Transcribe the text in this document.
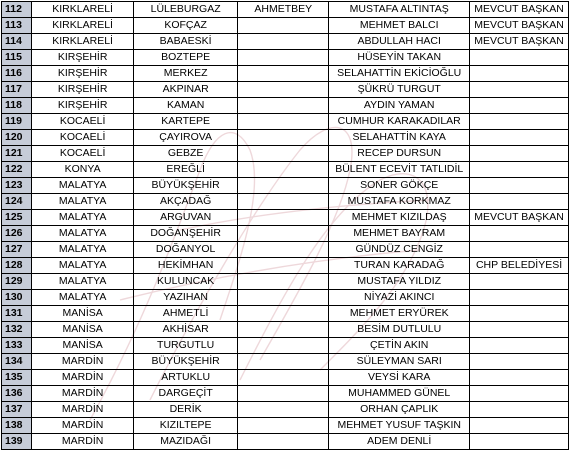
112	KIRKLARELİ	LÜLEBURGAZ	AHMETBEY	MUSTAFA ALTINTAŞ	MEVCUT BAŞKAN
113	KIRKLARELİ	KOFÇAZ		MEHMET BALCI	MEVCUT BAŞKAN
114	KIRKLARELİ	BABAESKİ		ABDULLAH HACI	MEVCUT BAŞKAN
115	KIRŞEHİR	BOZTEPE		HÜSEYİN TAKAN	
116	KIRŞEHİR	MERKEZ		SELAHATTİN EKİCİOĞLU	
117	KIRŞEHİR	AKPINAR		ŞÜKRÜ TURGUT	
118	KIRŞEHİR	KAMAN		AYDIN YAMAN	
119	KOCAELİ	KARTEPE		CUMHUR KARAKADILAR	
120	KOCAELİ	ÇAYIROVA		SELAHATTİN KAYA	
121	KOCAELİ	GEBZE		RECEP DURSUN	
122	KONYA	EREĞLİ		BÜLENT ECEVİT TATLIDİL	
123	MALATYA	BÜYÜKŞEHİR		SONER GÖKÇE	
124	MALATYA	AKÇADAĞ		MUSTAFA KORKMAZ	
125	MALATYA	ARGUVAN		MEHMET KIZILDAŞ	MEVCUT BAŞKAN
126	MALATYA	DOĞANŞEHİR		MEHMET BAYRAM	
127	MALATYA	DOĞANYOL		GÜNDÜZ CENGİZ	
128	MALATYA	HEKİMHAN		TURAN KARADAĞ	CHP BELEDİYESİ
129	MALATYA	KULUNCAK		MUSTAFA YILDIZ	
130	MALATYA	YAZIHAN		NİYAZİ AKINCI	
131	MANİSA	AHMETLİ		MEHMET ERYÜREK	
132	MANİSA	AKHİSAR		BESİM DUTLULU	
133	MANİSA	TURGUTLU		ÇETİN AKIN	
134	MARDİN	BÜYÜKŞEHİR		SÜLEYMAN SARI	
135	MARDİN	ARTUKLU		VEYSİ KARA	
136	MARDİN	DARGEÇİT		MUHAMMED GÜNEL	
137	MARDİN	DERİK		ORHAN ÇAPLIK	
138	MARDİN	KIZILTEPE		MEHMET YUSUF TAŞKIN	
139	MARDİN	MAZIDAĞI		ADEM DENLİ	
